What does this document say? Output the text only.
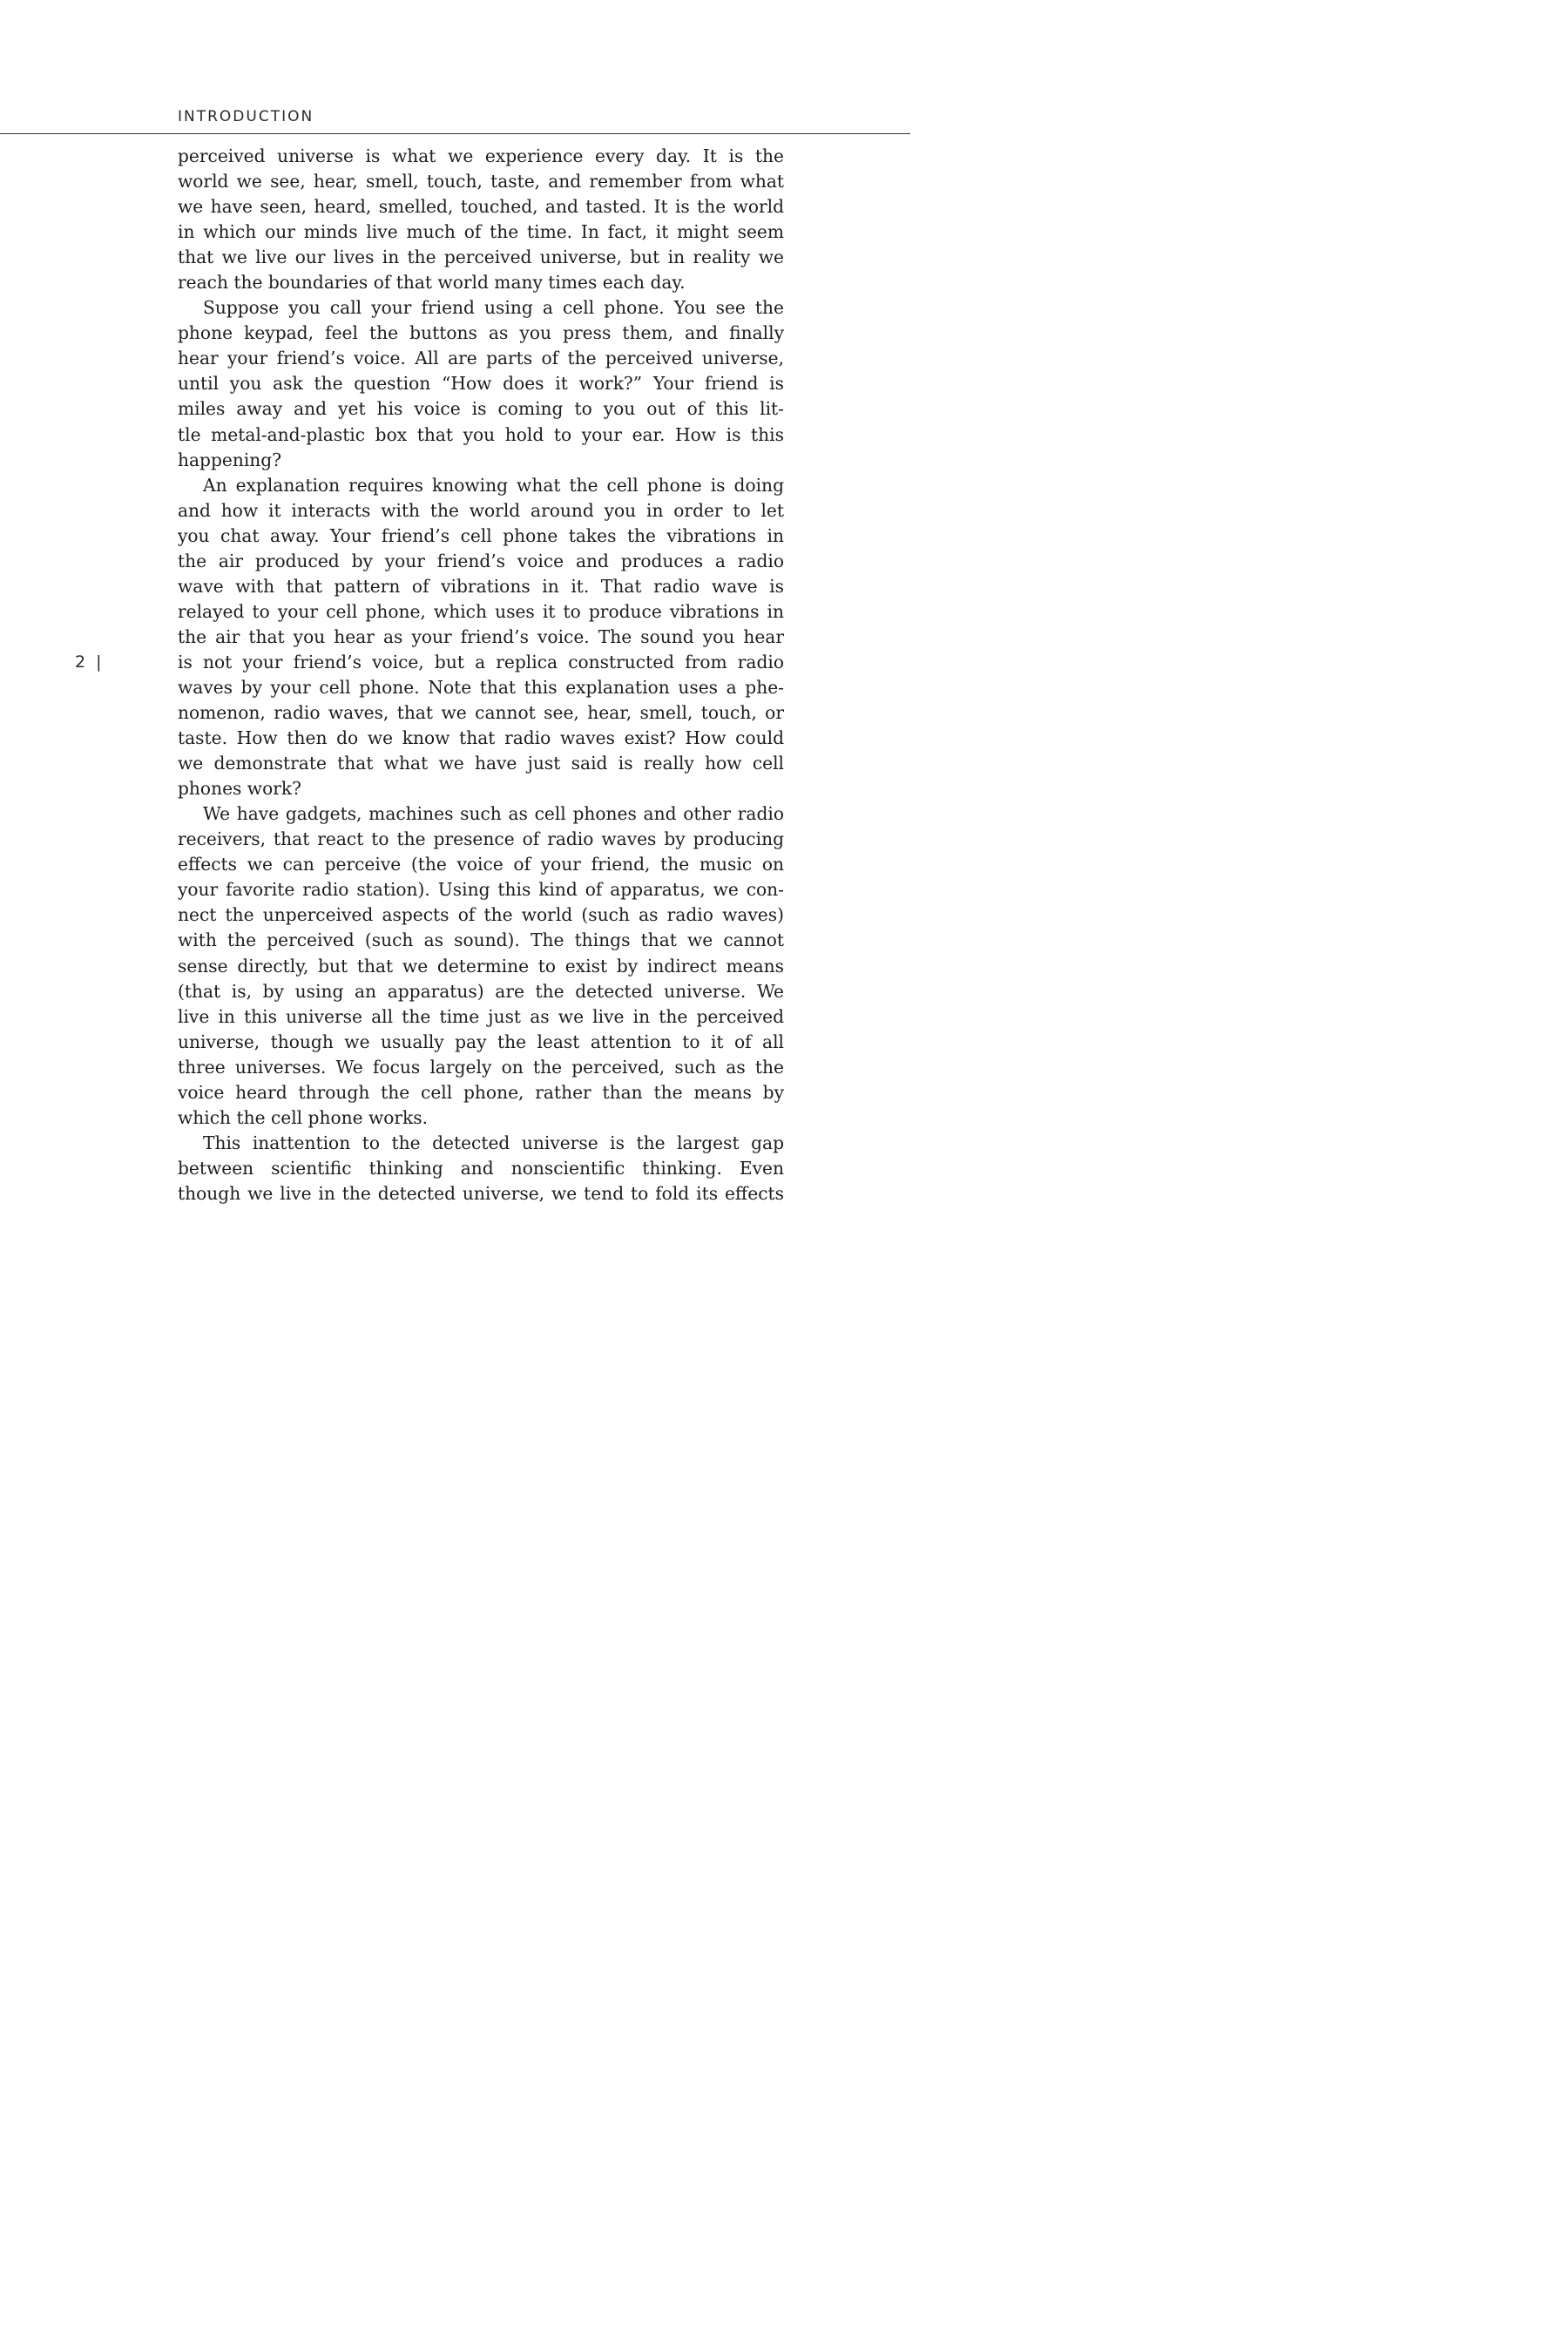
INTRODUCTION
2 |
perceived universe is what we experience every day. It is the
world we see, hear, smell, touch, taste, and remember from what
we have seen, heard, smelled, touched, and tasted. It is the world
in which our minds live much of the time. In fact, it might seem
that we live our lives in the perceived universe, but in reality we
reach the boundaries of that world many times each day.
Suppose you call your friend using a cell phone. You see the
phone keypad, feel the buttons as you press them, and finally
hear your friend’s voice. All are parts of the perceived universe,
until you ask the question “How does it work?” Your friend is
miles away and yet his voice is coming to you out of this lit-
tle metal-and-plastic box that you hold to your ear. How is this
happening?
An explanation requires knowing what the cell phone is doing
and how it interacts with the world around you in order to let
you chat away. Your friend’s cell phone takes the vibrations in
the air produced by your friend’s voice and produces a radio
wave with that pattern of vibrations in it. That radio wave is
relayed to your cell phone, which uses it to produce vibrations in
the air that you hear as your friend’s voice. The sound you hear
is not your friend’s voice, but a replica constructed from radio
waves by your cell phone. Note that this explanation uses a phe-
nomenon, radio waves, that we cannot see, hear, smell, touch, or
taste. How then do we know that radio waves exist? How could
we demonstrate that what we have just said is really how cell
phones work?
We have gadgets, machines such as cell phones and other radio
receivers, that react to the presence of radio waves by producing
effects we can perceive (the voice of your friend, the music on
your favorite radio station). Using this kind of apparatus, we con-
nect the unperceived aspects of the world (such as radio waves)
with the perceived (such as sound). The things that we cannot
sense directly, but that we determine to exist by indirect means
(that is, by using an apparatus) are the detected universe. We
live in this universe all the time just as we live in the perceived
universe, though we usually pay the least attention to it of all
three universes. We focus largely on the perceived, such as the
voice heard through the cell phone, rather than the means by
which the cell phone works.
This inattention to the detected universe is the largest gap
between scientific thinking and nonscientific thinking. Even
though we live in the detected universe, we tend to fold its effects
